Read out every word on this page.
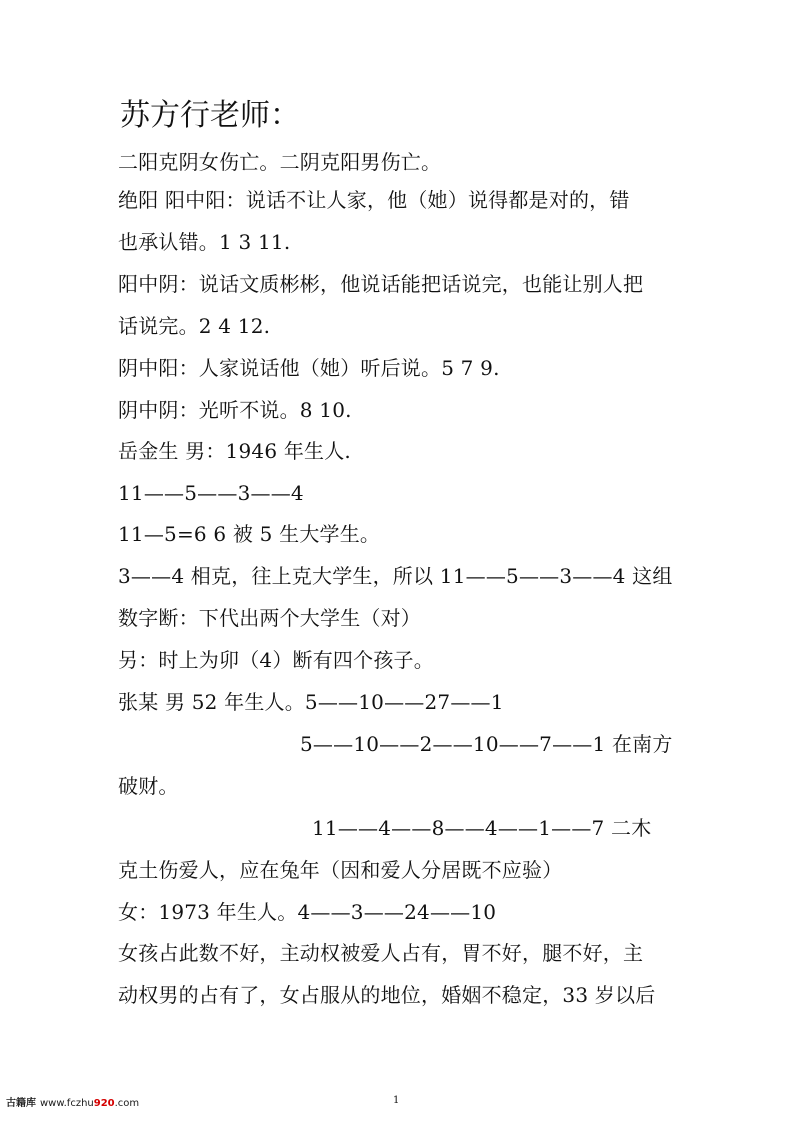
苏方行老师：
二阳克阴女伤亡。二阴克阳男伤亡。
绝阳 阳中阳：说话不让人家，他（她）说得都是对的，错
也承认错。1 3 11.
阳中阴：说话文质彬彬，他说话能把话说完，也能让别人把
话说完。2 4 12.
阴中阳：人家说话他（她）听后说。5 7 9.
阴中阴：光听不说。8 10.
岳金生 男：1946 年生人.
11——5——3——4
11—5=6 6 被 5 生大学生。
3——4 相克，往上克大学生，所以 11——5——3——4 这组
数字断：下代出两个大学生（对）
另：时上为卯（4）断有四个孩子。
张某 男 52 年生人。5——10——27——1
5——10——2——10——7——1 在南方
破财。
11——4——8——4——1——7 二木
克土伤爱人，应在兔年（因和爱人分居既不应验）
女：1973 年生人。4——3——24——10
女孩占此数不好，主动权被爱人占有，胃不好，腿不好，主
动权男的占有了，女占服从的地位，婚姻不稳定，33 岁以后
古籍库 www.fczhu920.com	1
